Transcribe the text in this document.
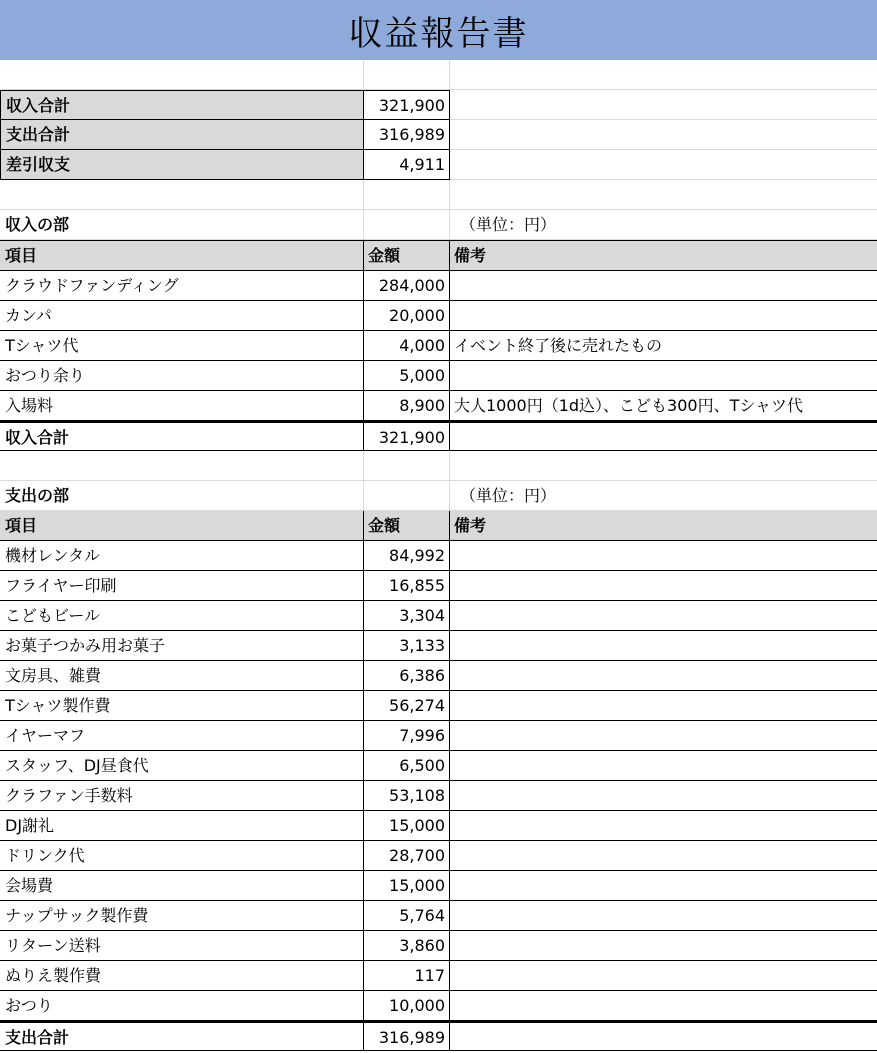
収益報告書
収入合計	321,900
支出合計	316,989
差引収支	4,911
収入の部	（単位：円）
項目	金額	備考
クラウドファンディング	284,000
カンパ	20,000
Tシャツ代	4,000 イベント終了後に売れたもの
おつり余り	5,000
入場料	8,900 大人1000円（1d込）、こども300円、Tシャツ代
収入合計	321,900
支出の部	（単位：円）
項目	金額	備考
機材レンタル	84,992
フライヤー印刷	16,855
こどもビール	3,304
お菓子つかみ用お菓子	3,133
文房具、雑費	6,386
Tシャツ製作費	56,274
イヤーマフ	7,996
スタッフ、DJ昼食代	6,500
クラファン手数料	53,108
DJ謝礼	15,000
ドリンク代	28,700
会場費	15,000
ナップサック製作費	5,764
リターン送料	3,860
ぬりえ製作費	117
おつり	10,000
支出合計	316,989
